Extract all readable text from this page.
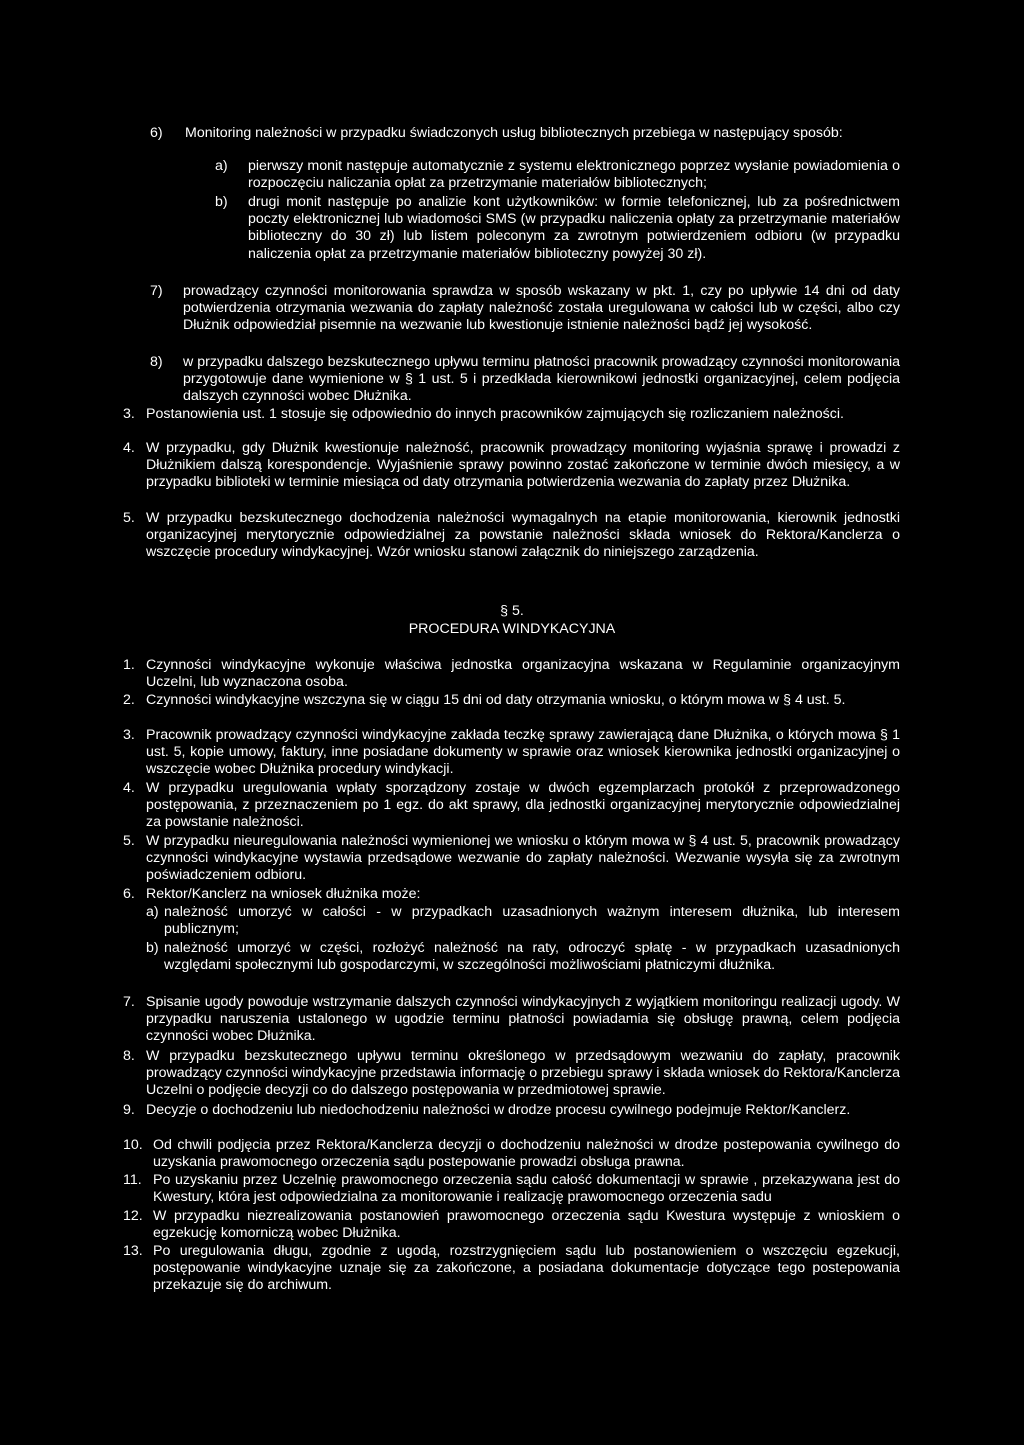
6)	Monitoring należności w przypadku świadczonych usług bibliotecznych przebiega w następujący sposób:
a)	pierwszy monit następuje automatycznie z systemu elektronicznego poprzez wysłanie powiadomienia o rozpoczęciu naliczania opłat za przetrzymanie materiałów bibliotecznych;
b)	drugi monit następuje po analizie kont użytkowników: w formie telefonicznej, lub za pośrednictwem poczty elektronicznej lub wiadomości SMS (w przypadku naliczenia opłaty za przetrzymanie materiałów biblioteczny do 30 zł) lub listem poleconym za zwrotnym potwierdzeniem odbioru (w przypadku naliczenia opłat za przetrzymanie materiałów biblioteczny powyżej 30 zł).
7)	prowadzący czynności monitorowania sprawdza w sposób wskazany w pkt. 1, czy po upływie 14 dni od daty potwierdzenia otrzymania wezwania do zapłaty należność została uregulowana w całości lub w części, albo czy Dłużnik odpowiedział pisemnie na wezwanie lub kwestionuje istnienie należności bądź jej wysokość.
8)	w przypadku dalszego bezskutecznego upływu terminu płatności pracownik prowadzący czynności monitorowania przygotowuje dane wymienione w § 1 ust. 5 i przedkłada kierownikowi jednostki organizacyjnej, celem podjęcia dalszych czynności wobec Dłużnika.
3. Postanowienia ust. 1 stosuje się odpowiednio do innych pracowników zajmujących się rozliczaniem należności.
4. W przypadku, gdy Dłużnik kwestionuje należność, pracownik prowadzący monitoring wyjaśnia sprawę i prowadzi z Dłużnikiem dalszą korespondencje. Wyjaśnienie sprawy powinno zostać zakończone w terminie dwóch miesięcy, a w przypadku biblioteki w terminie miesiąca od daty otrzymania potwierdzenia wezwania do zapłaty przez Dłużnika.
5. W przypadku bezskutecznego dochodzenia należności wymagalnych na etapie monitorowania, kierownik jednostki organizacyjnej merytorycznie odpowiedzialnej za powstanie należności składa wniosek do Rektora/Kanclerza o wszczęcie procedury windykacyjnej. Wzór wniosku stanowi załącznik do niniejszego zarządzenia.
§ 5.
PROCEDURA WINDYKACYJNA
1. Czynności windykacyjne wykonuje właściwa jednostka organizacyjna wskazana w Regulaminie organizacyjnym Uczelni, lub wyznaczona osoba.
2. Czynności windykacyjne wszczyna się w ciągu 15 dni od daty otrzymania wniosku, o którym mowa w § 4 ust. 5.
3. Pracownik prowadzący czynności windykacyjne zakłada teczkę sprawy zawierającą dane Dłużnika, o których mowa § 1 ust. 5, kopie umowy, faktury, inne posiadane dokumenty w sprawie oraz wniosek kierownika jednostki organizacyjnej o wszczęcie wobec Dłużnika procedury windykacji.
4. W przypadku uregulowania wpłaty sporządzony zostaje w dwóch egzemplarzach protokół z przeprowadzonego postępowania, z przeznaczeniem po 1 egz. do akt sprawy, dla jednostki organizacyjnej merytorycznie odpowiedzialnej za powstanie należności.
5. W przypadku nieuregulowania należności wymienionej we wniosku o którym mowa w § 4 ust. 5, pracownik prowadzący czynności windykacyjne wystawia przedsądowe wezwanie do zapłaty należności. Wezwanie wysyła się za zwrotnym poświadczeniem odbioru.
6. Rektor/Kanclerz na wniosek dłużnika może:
a) należność umorzyć w całości - w przypadkach uzasadnionych ważnym interesem dłużnika, lub interesem publicznym;
b) należność umorzyć w części, rozłożyć należność na raty, odroczyć spłatę - w przypadkach uzasadnionych względami społecznymi lub gospodarczymi, w szczególności możliwościami płatniczymi dłużnika.
7. Spisanie ugody powoduje wstrzymanie dalszych czynności windykacyjnych z wyjątkiem monitoringu realizacji ugody. W przypadku naruszenia ustalonego w ugodzie terminu płatności powiadamia się obsługę prawną, celem podjęcia czynności wobec Dłużnika.
8. W przypadku bezskutecznego upływu terminu określonego w przedsądowym wezwaniu do zapłaty, pracownik prowadzący czynności windykacyjne przedstawia informację o przebiegu sprawy i składa wniosek do Rektora/Kanclerza Uczelni o podjęcie decyzji co do dalszego postępowania w przedmiotowej sprawie.
9. Decyzje o dochodzeniu lub niedochodzeniu należności w drodze procesu cywilnego podejmuje Rektor/Kanclerz.
10. Od chwili podjęcia przez Rektora/Kanclerza decyzji o dochodzeniu należności w drodze postepowania cywilnego do uzyskania prawomocnego orzeczenia sądu postepowanie prowadzi obsługa prawna.
11. Po uzyskaniu przez Uczelnię prawomocnego orzeczenia sądu całość dokumentacji w sprawie , przekazywana jest do Kwestury, która jest odpowiedzialna za monitorowanie i realizację prawomocnego orzeczenia sadu
12. W przypadku niezrealizowania postanowień prawomocnego orzeczenia sądu Kwestura występuje z wnioskiem o egzekucję komorniczą wobec Dłużnika.
13. Po uregulowania długu, zgodnie z ugodą, rozstrzygnięciem sądu lub postanowieniem o wszczęciu egzekucji, postępowanie windykacyjne uznaje się za zakończone, a posiadana dokumentacje dotyczące tego postepowania przekazuje się do archiwum.
